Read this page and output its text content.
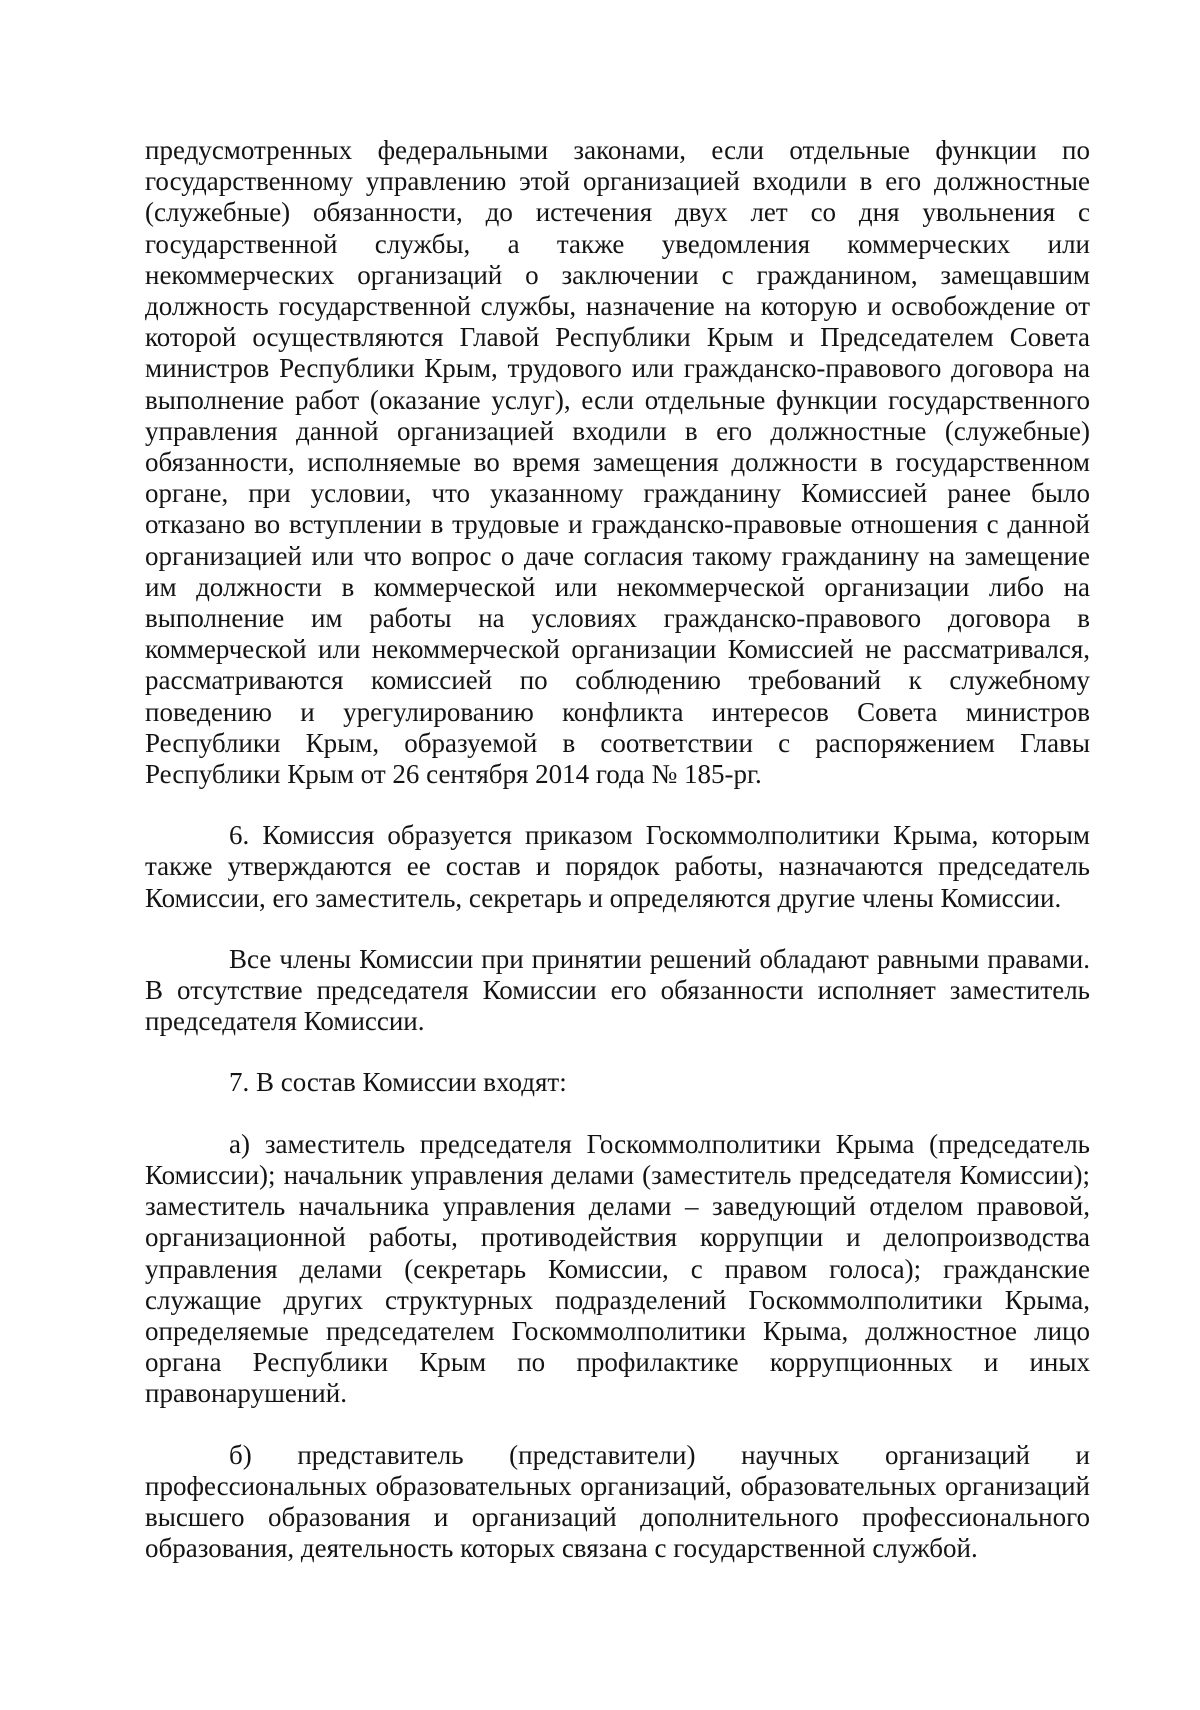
предусмотренных федеральными законами, если отдельные функции по государственному управлению этой организацией входили в его должностные (служебные) обязанности, до истечения двух лет со дня увольнения с государственной службы, а также уведомления коммерческих или некоммерческих организаций о заключении с гражданином, замещавшим должность государственной службы, назначение на которую и освобождение от которой осуществляются Главой Республики Крым и Председателем Совета министров Республики Крым, трудового или гражданско-правового договора на выполнение работ (оказание услуг), если отдельные функции государственного управления данной организацией входили в его должностные (служебные) обязанности, исполняемые во время замещения должности в государственном органе, при условии, что указанному гражданину Комиссией ранее было отказано во вступлении в трудовые и гражданско-правовые отношения с данной организацией или что вопрос о даче согласия такому гражданину на замещение им должности в коммерческой или некоммерческой организации либо на выполнение им работы на условиях гражданско-правового договора в коммерческой или некоммерческой организации Комиссией не рассматривался, рассматриваются комиссией по соблюдению требований к служебному поведению и урегулированию конфликта интересов Совета министров Республики Крым, образуемой в соответствии с распоряжением Главы Республики Крым от 26 сентября 2014 года № 185-рг.

6. Комиссия образуется приказом Госкоммолполитики Крыма, которым также утверждаются ее состав и порядок работы, назначаются председатель Комиссии, его заместитель, секретарь и определяются другие члены Комиссии.

Все члены Комиссии при принятии решений обладают равными правами. В отсутствие председателя Комиссии его обязанности исполняет заместитель председателя Комиссии.

7. В состав Комиссии входят:

а) заместитель председателя Госкоммолполитики Крыма (председатель Комиссии); начальник управления делами (заместитель председателя Комиссии); заместитель начальника управления делами – заведующий отделом правовой, организационной работы, противодействия коррупции и делопроизводства управления делами (секретарь Комиссии, с правом голоса); гражданские служащие других структурных подразделений Госкоммолполитики Крыма, определяемые председателем Госкоммолполитики Крыма, должностное лицо органа Республики Крым по профилактике коррупционных и иных правонарушений.

б) представитель (представители) научных организаций и профессиональных образовательных организаций, образовательных организаций высшего образования и организаций дополнительного профессионального образования, деятельность которых связана с государственной службой.
